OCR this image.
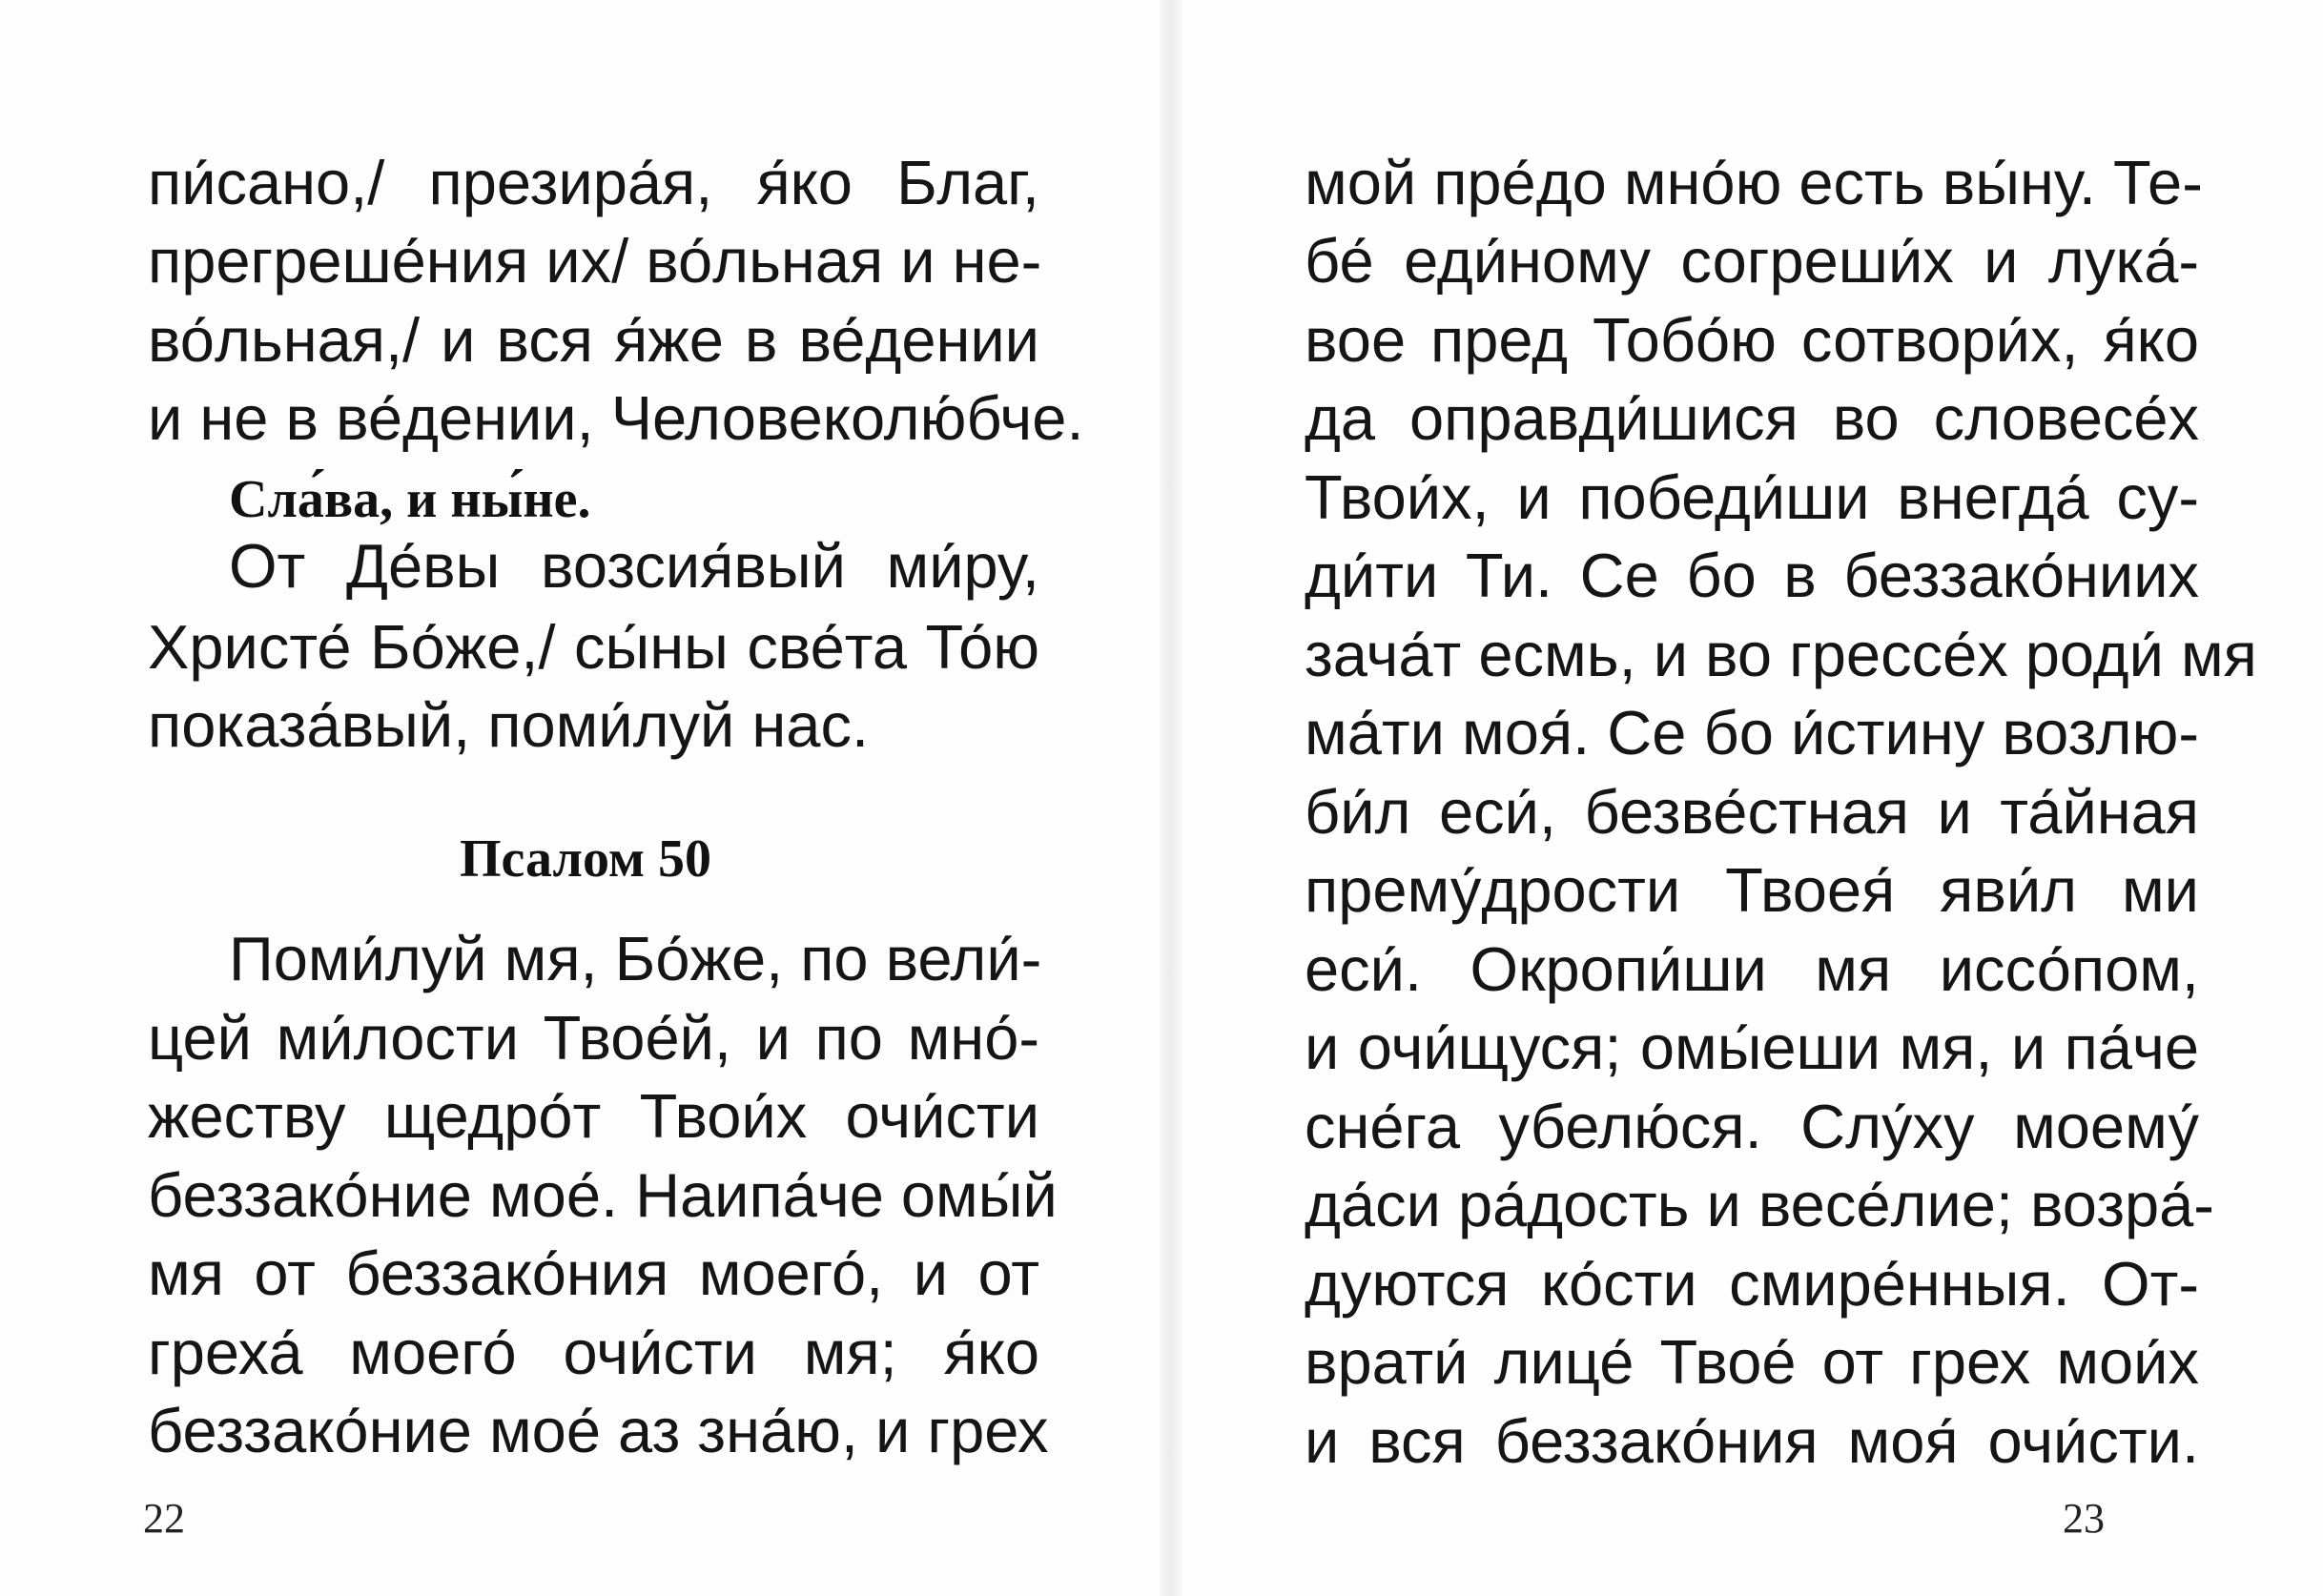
пи́сано,/ презира́я, я́ко Благ,

прегреше́ния их/ во́льная и не-

во́льная,/ и вся я́же в ве́дении

и не в ве́дении, Человеколю́бче.

Сла́ва, и ны́не.

От Де́вы возсия́вый ми́ру,

Христе́ Бо́же,/ сы́ны све́та То́ю

показа́вый, поми́луй нас.

Псалом 50

Поми́луй мя, Бо́же, по вели́-

цей ми́лости Твое́й, и по мно́-

жеству щедро́т Твои́х очи́сти

беззако́ние мое́. Наипа́че омы́й

мя от беззако́ния моего́, и от

греха́ моего́ очи́сти мя; я́ко

беззако́ние мое́ аз зна́ю, и грех

22

мой пре́до мно́ю есть вы́ну. Те-

бе́ еди́ному согреши́х и лука́-

вое пред Тобо́ю сотвори́х, я́ко

да оправди́шися во словесе́х

Твои́х, и победи́ши внегда́ су-

ди́ти Ти. Се бо в беззако́ниих

зача́т есмь, и во грессе́х роди́ мя

ма́ти моя́. Се бо и́стину возлю-

би́л еси́, безве́стная и та́йная

прему́дрости Твоея́ яви́л ми

еси́. Окропи́ши мя иссо́пом,

и очи́щуся; омы́еши мя, и па́че

сне́га убелю́ся. Слу́ху моему́

да́си ра́дость и весе́лие; возра́-

дуются ко́сти смире́нныя. От-

врати́ лице́ Твое́ от грех мои́х

и вся беззако́ния моя́ очи́сти.

23
